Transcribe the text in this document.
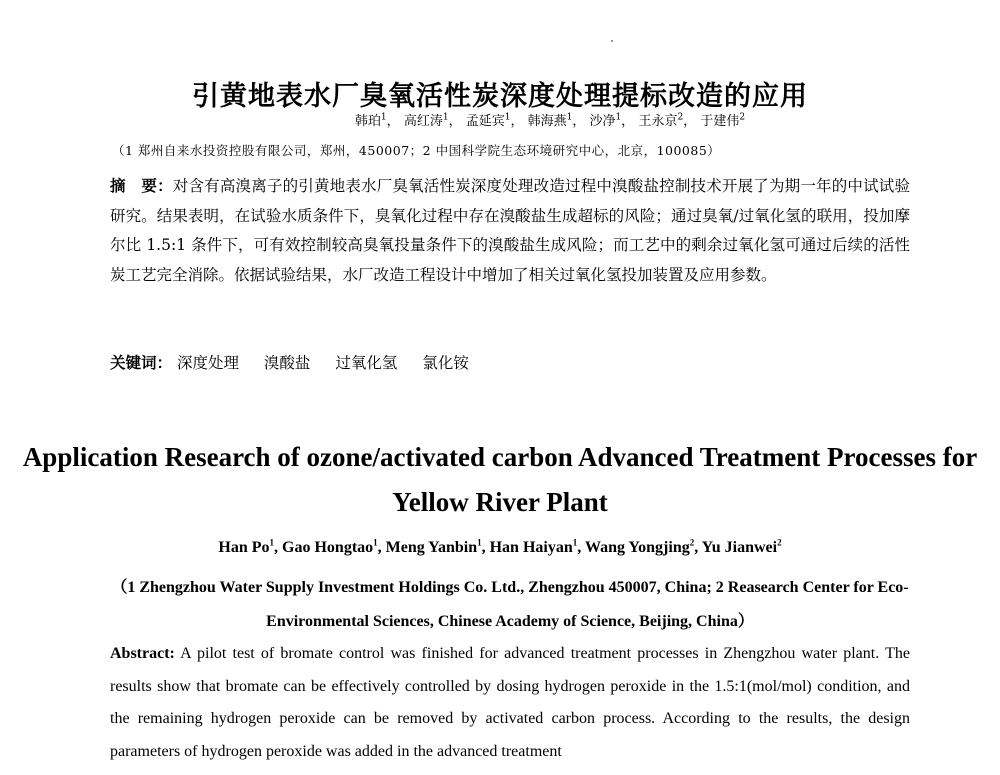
引黄地表水厂臭氧活性炭深度处理提标改造的应用
韩珀$^1$， 高红涛$^1$， 孟延宾$^1$， 韩海燕$^1$， 沙净$^1$， 王永京$^2$， 于建伟$^2$
（1 郑州自来水投资控股有限公司，郑州，450007；2 中国科学院生态环境研究中心，北京，100085）
摘　要：对含有高溴离子的引黄地表水厂臭氧活性炭深度处理改造过程中溴酸盐控制技术开展了为期一年的中试试验研究。结果表明，在试验水质条件下，臭氧化过程中存在溴酸盐生成超标的风险；通过臭氧/过氧化氢的联用，投加摩尔比 1.5:1 条件下，可有效控制较高臭氧投量条件下的溴酸盐生成风险；而工艺中的剩余过氧化氢可通过后续的活性炭工艺完全消除。依据试验结果，水厂改造工程设计中增加了相关过氧化氢投加装置及应用参数。
关键词： 深度处理 溴酸盐 过氧化氢 氯化铵
Application Research of ozone/activated carbon Advanced Treatment Processes for Yellow River Plant
Han Po$^1$, Gao Hongtao$^1$, Meng Yanbin$^1$, Han Haiyan$^1$, Wang Yongjing$^2$, Yu Jianwei$^2$
（1 Zhengzhou Water Supply Investment Holdings Co. Ltd., Zhengzhou 450007, China; 2 Reasearch Center for Eco-Environmental Sciences, Chinese Academy of Science, Beijing, China）
Abstract: A pilot test of bromate control was finished for advanced treatment processes in Zhengzhou water plant. The results show that bromate can be effectively controlled by dosing hydrogen peroxide in the 1.5:1(mol/mol) condition, and the remaining hydrogen peroxide can be removed by activated carbon process. According to the results, the design parameters of hydrogen peroxide was added in the advanced treatment
